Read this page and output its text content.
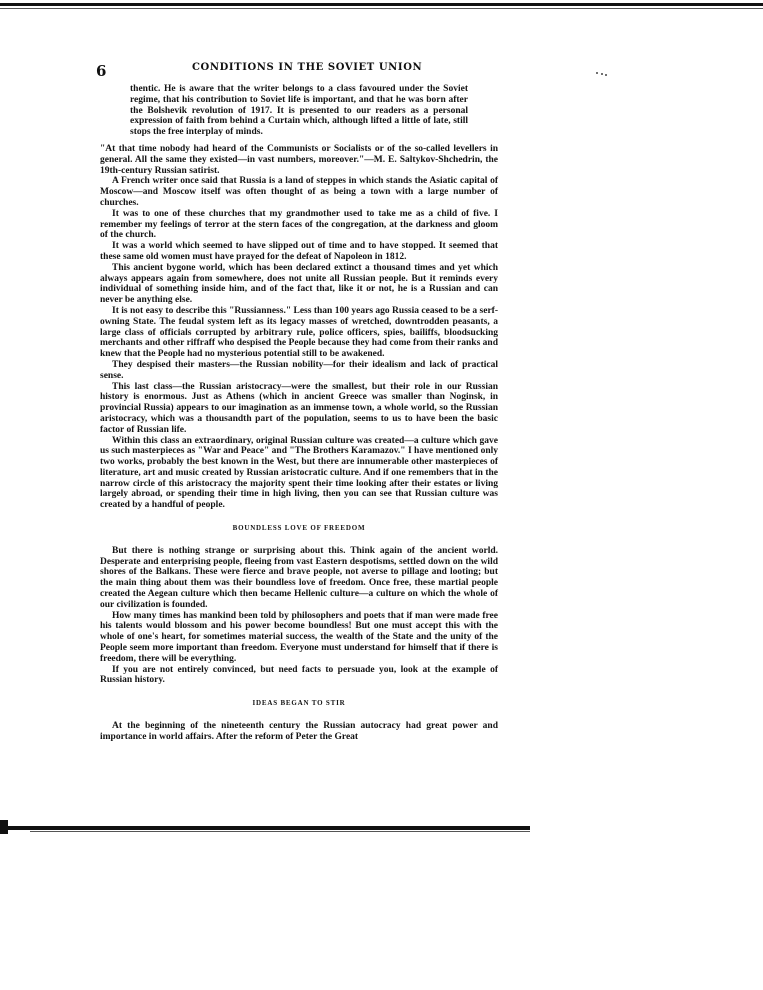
6	CONDITIONS IN THE SOVIET UNION

thentic. He is aware that the writer belongs to a class favoured under the Soviet regime, that his contribution to Soviet life is important, and that he was born after the Bolshevik revolution of 1917. It is presented to our readers as a personal expression of faith from behind a Curtain which, although lifted a little of late, still stops the free interplay of minds.

"At that time nobody had heard of the Communists or Socialists or of the so-called levellers in general. All the same they existed—in vast numbers, moreover."—M. E. Saltykov-Shchedrin, the 19th-century Russian satirist.

A French writer once said that Russia is a land of steppes in which stands the Asiatic capital of Moscow—and Moscow itself was often thought of as being a town with a large number of churches.

It was to one of these churches that my grandmother used to take me as a child of five. I remember my feelings of terror at the stern faces of the congregation, at the darkness and gloom of the church.

It was a world which seemed to have slipped out of time and to have stopped. It seemed that these same old women must have prayed for the defeat of Napoleon in 1812.

This ancient bygone world, which has been declared extinct a thousand times and yet which always appears again from somewhere, does not unite all Russian people. But it reminds every individual of something inside him, and of the fact that, like it or not, he is a Russian and can never be anything else.

It is not easy to describe this "Russianness." Less than 100 years ago Russia ceased to be a serf-owning State. The feudal system left as its legacy masses of wretched, downtrodden peasants, a large class of officials corrupted by arbitrary rule, police officers, spies, bailiffs, bloodsucking merchants and other riffraff who despised the People because they had come from their ranks and knew that the People had no mysterious potential still to be awakened.

They despised their masters—the Russian nobility—for their idealism and lack of practical sense.

This last class—the Russian aristocracy—were the smallest, but their role in our Russian history is enormous. Just as Athens (which in ancient Greece was smaller than Noginsk, in provincial Russia) appears to our imagination as an immense town, a whole world, so the Russian aristocracy, which was a thousandth part of the population, seems to us to have been the basic factor of Russian life.

Within this class an extraordinary, original Russian culture was created—a culture which gave us such masterpieces as "War and Peace" and "The Brothers Karamazov." I have mentioned only two works, probably the best known in the West, but there are innumerable other masterpieces of literature, art and music created by Russian aristocratic culture. And if one remembers that in the narrow circle of this aristocracy the majority spent their time looking after their estates or living largely abroad, or spending their time in high living, then you can see that Russian culture was created by a handful of people.

BOUNDLESS LOVE OF FREEDOM

But there is nothing strange or surprising about this. Think again of the ancient world. Desperate and enterprising people, fleeing from vast Eastern despotisms, settled down on the wild shores of the Balkans. These were fierce and brave people, not averse to pillage and looting; but the main thing about them was their boundless love of freedom. Once free, these martial people created the Aegean culture which then became Hellenic culture—a culture on which the whole of our civilization is founded.

How many times has mankind been told by philosophers and poets that if man were made free his talents would blossom and his power become boundless! But one must accept this with the whole of one's heart, for sometimes material success, the wealth of the State and the unity of the People seem more important than freedom. Everyone must understand for himself that if there is freedom, there will be everything.

If you are not entirely convinced, but need facts to persuade you, look at the example of Russian history.

IDEAS BEGAN TO STIR

At the beginning of the nineteenth century the Russian autocracy had great power and importance in world affairs. After the reform of Peter the Great
